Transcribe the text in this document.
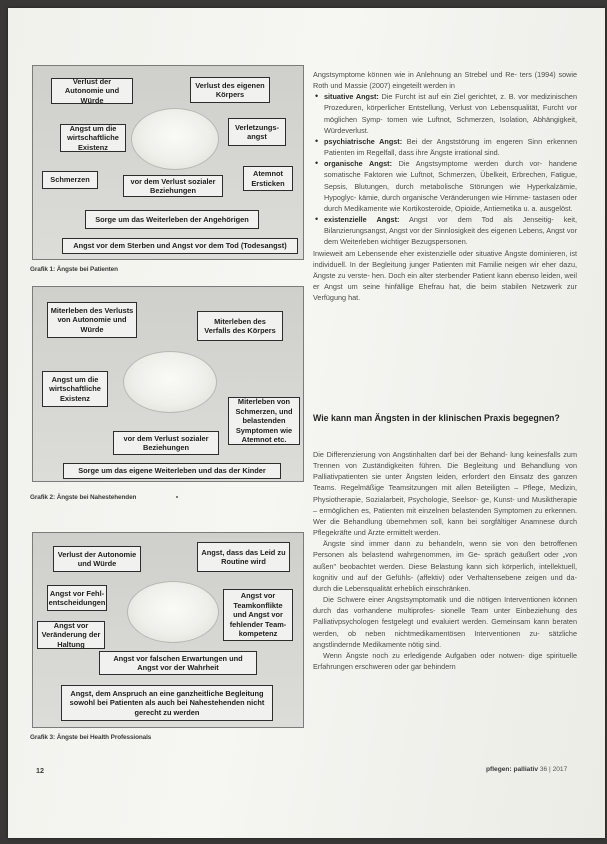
Verlust der Autonomie und Würde
Verlust des eigenen Körpers
Angst um die wirtschaftliche Existenz
Verletzungs- angst
Schmerzen	vor dem Verlust sozialer Beziehungen
Atemnot Ersticken
Sorge um das Weiterleben der Angehörigen
Angst vor dem Sterben und Angst vor dem Tod (Todesangst)
Grafik 1: Ängste bei Patienten
Miterleben des Verlusts von Autonomie und Würde
Miterleben des Verfalls des Körpers
Angst um die wirtschaftliche Existenz	Miterleben von Schmerzen, und belastenden Symptomen wie Atemnot etc.
vor dem Verlust sozialer Beziehungen
Sorge um das eigene Weiterleben und das der Kinder
Grafik 2: Ängste bei Nahestehenden
Verlust der Autonomie und Würde
Angst, dass das Leid zu Routine wird
Angst vor Fehl- entscheidungen
Angst vor Teamkonflikte und Angst vor fehlender Team- kompetenz
Angst vor Veränderung der Haltung
Angst vor falschen Erwartungen und Angst vor der Wahrheit
Angst, dem Anspruch an eine ganzheitliche Begleitung sowohl bei Patienten als auch bei Nahestehenden nicht gerecht zu werden
Grafik 3: Ängste bei Health Professionals

Angstsymptome können wie in Anlehnung an Strebel und Re- ters (1994) sowie Roth und Massie (2007) eingeteilt werden in

• situative Angst: Die Furcht ist auf ein Ziel gerichtet, z. B. vor medizinischen Prozeduren, körperlicher Entstellung, Verlust von Lebensqualität, Furcht vor möglichen Symp- tomen wie Luftnot, Schmerzen, Isolation, Abhängigkeit, Würdeverlust.
• psychiatrische Angst: Bei der Angststörung im engeren Sinn erkennen Patienten im Regelfall, dass ihre Ängste irrational sind.
• organische Angst: Die Angstsymptome werden durch vor- handene somatische Faktoren wie Luftnot, Schmerzen, Übelkeit, Erbrechen, Fatigue, Sepsis, Blutungen, durch metabolische Störungen wie Hyperkalzämie, Hypoglyc- kämie, durch organische Veränderungen wie Hirnme- tastasen oder durch Medikamente wie Kortikosteroide, Opioide, Antiemetika u. a. ausgelöst.
• existenzielle Angst: Angst vor dem Tod als Jenseitig- keit, Bilanzierungsangst, Angst vor der Sinnlosigkeit des eigenen Lebens, Angst vor dem Weiterleben wichtiger Bezugspersonen.

Inwieweit am Lebensende eher existenzielle oder situative Ängste dominieren, ist individuell. In der Begleitung junger Patienten mit Familie neigen wir eher dazu, Ängste zu verste- hen. Doch ein alter sterbender Patient kann ebenso leiden, weil er Angst um seine hinfällige Ehefrau hat, die beim stabilen Netzwerk zur Verfügung hat.

Wie kann man Ängsten in der klinischen Praxis begegnen?

Die Differenzierung von Angstinhalten darf bei der Behand- lung keinesfalls zum Trennen von Zuständigkeiten führen. Die Begleitung und Behandlung von Palliativpatienten sie unter Ängsten leiden, erfordert den Einsatz des ganzen Teams. Regelmäßige Teamsitzungen mit allen Beteiligten – Pflege, Medizin, Physiotherapie, Sozialarbeit, Psychologie, Seelsor- ge, Kunst- und Musiktherapie – ermöglichen es, Patienten mit einzelnen belastenden Symptomen zu erkennen. Wer die Behandlung übernehmen soll, kann bei sorgfältiger Anamnese durch Pflegekräfte und Ärzte ermittelt werden.

Ängste sind immer dann zu behandeln, wenn sie von den betroffenen Personen als belastend wahrgenommen, im Ge- spräch geäußert oder „von außen" beobachtet werden. Diese Belastung kann sich körperlich, intellektuell, kognitiv und auf der Gefühls- (affektiv) oder Verhaltensebene zeigen und da- durch die Lebensqualität erheblich einschränken.

Die Schwere einer Angstsymptomatik und die nötigen Interventionen können durch das vorhandene multiprofes- sionelle Team unter Einbeziehung des Palliativpsychologen festgelegt und evaluiert werden. Gemeinsam kann beraten werden, ob neben nichtmedikamentösen Interventionen zu- sätzliche angstlindernde Medikamente nötig sind.

Wenn Ängste noch zu erledigende Aufgaben oder notwen- dige spirituelle Erfahrungen erschweren oder gar behindern

12	pflegen: palliativ 36 | 2017
